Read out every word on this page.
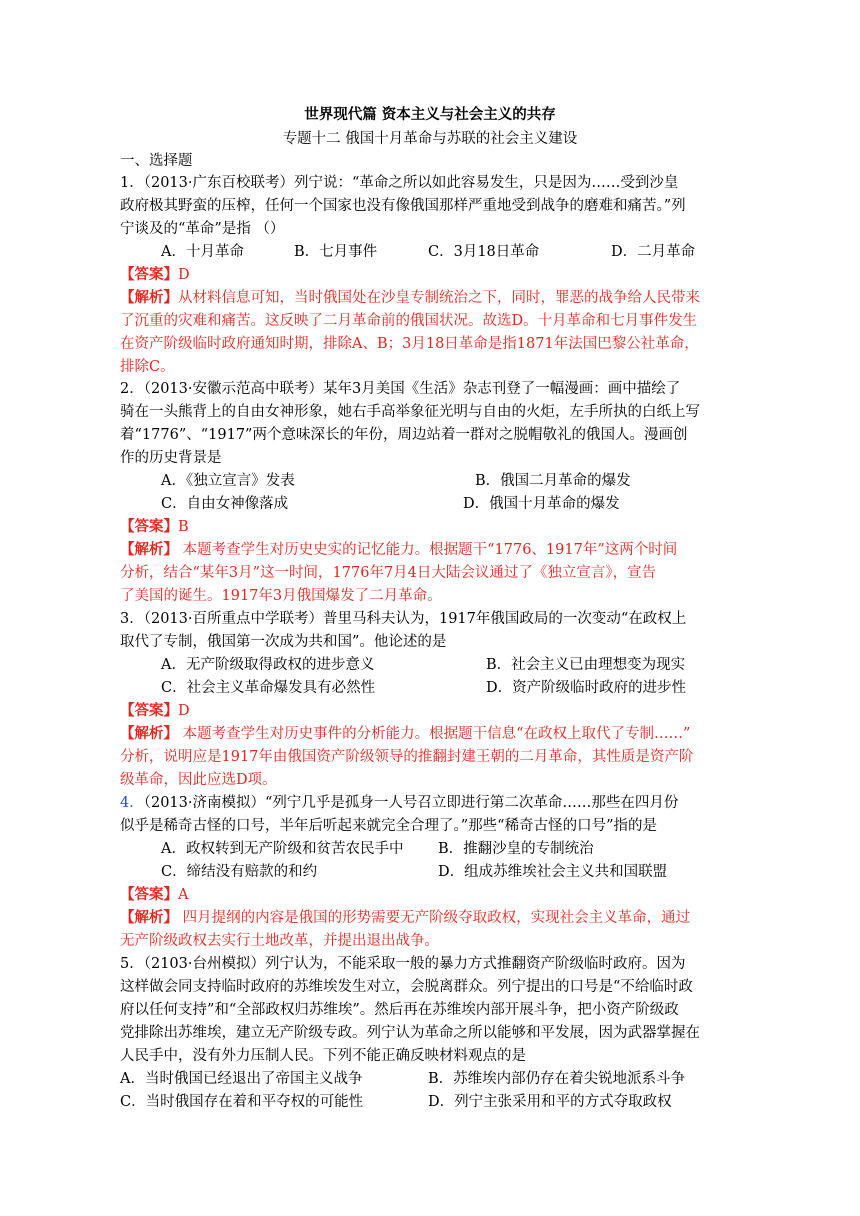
世界现代篇 资本主义与社会主义的共存
专题十二 俄国十月革命与苏联的社会主义建设
一、选择题
1．（2013·广东百校联考）列宁说：“革命之所以如此容易发生，只是因为……受到沙皇
政府极其野蛮的压榨，任何一个国家也没有像俄国那样严重地受到战争的磨难和痛苦。”列
宁谈及的“革命”是指 （）
A．十月革命	B．七月事件	C．3月18日革命	D．二月革命
【答案】D
【解析】从材料信息可知，当时俄国处在沙皇专制统治之下，同时，罪恶的战争给人民带来
了沉重的灾难和痛苦。这反映了二月革命前的俄国状况。故选D。十月革命和七月事件发生
在资产阶级临时政府通知时期，排除A、B；3月18日革命是指1871年法国巴黎公社革命，
排除C。
2．（2013·安徽示范高中联考）某年3月美国《生活》杂志刊登了一幅漫画：画中描绘了
骑在一头熊背上的自由女神形象，她右手高举象征光明与自由的火炬，左手所执的白纸上写
着“1776”、“1917”两个意味深长的年份，周边站着一群对之脱帽敬礼的俄国人。漫画创
作的历史背景是
A．《独立宣言》发表	B．俄国二月革命的爆发
C．自由女神像落成	D．俄国十月革命的爆发
【答案】B
【解析】 本题考查学生对历史史实的记忆能力。根据题干“1776、1917年”这两个时间
分析，结合“某年3月”这一时间，1776年7月4日大陆会议通过了《独立宣言》，宣告
了美国的诞生。1917年3月俄国爆发了二月革命。
3．（2013·百所重点中学联考）普里马科夫认为，1917年俄国政局的一次变动“在政权上
取代了专制，俄国第一次成为共和国”。他论述的是
A．无产阶级取得政权的进步意义	B．社会主义已由理想变为现实
C．社会主义革命爆发具有必然性	D．资产阶级临时政府的进步性
【答案】D
【解析】 本题考查学生对历史事件的分析能力。根据题干信息“在政权上取代了专制……”
分析，说明应是1917年由俄国资产阶级领导的推翻封建王朝的二月革命，其性质是资产阶
级革命，因此应选D项。
4．（2013·济南模拟）“列宁几乎是孤身一人号召立即进行第二次革命……那些在四月份
似乎是稀奇古怪的口号，半年后听起来就完全合理了。”那些“稀奇古怪的口号”指的是
A．政权转到无产阶级和贫苦农民手中 B．推翻沙皇的专制统治
C．缔结没有赔款的和约	D．组成苏维埃社会主义共和国联盟
【答案】A
【解析】 四月提纲的内容是俄国的形势需要无产阶级夺取政权，实现社会主义革命，通过
无产阶级政权去实行土地改革，并提出退出战争。
5．（2103·台州模拟）列宁认为，不能采取一般的暴力方式推翻资产阶级临时政府。因为
这样做会同支持临时政府的苏维埃发生对立，会脱离群众。列宁提出的口号是“不给临时政
府以任何支持”和“全部政权归苏维埃”。然后再在苏维埃内部开展斗争，把小资产阶级政
党排除出苏维埃，建立无产阶级专政。列宁认为革命之所以能够和平发展，因为武器掌握在
人民手中，没有外力压制人民。下列不能正确反映材料观点的是
A．当时俄国已经退出了帝国主义战争	B．苏维埃内部仍存在着尖锐地派系斗争
C．当时俄国存在着和平夺权的可能性	D．列宁主张采用和平的方式夺取政权
